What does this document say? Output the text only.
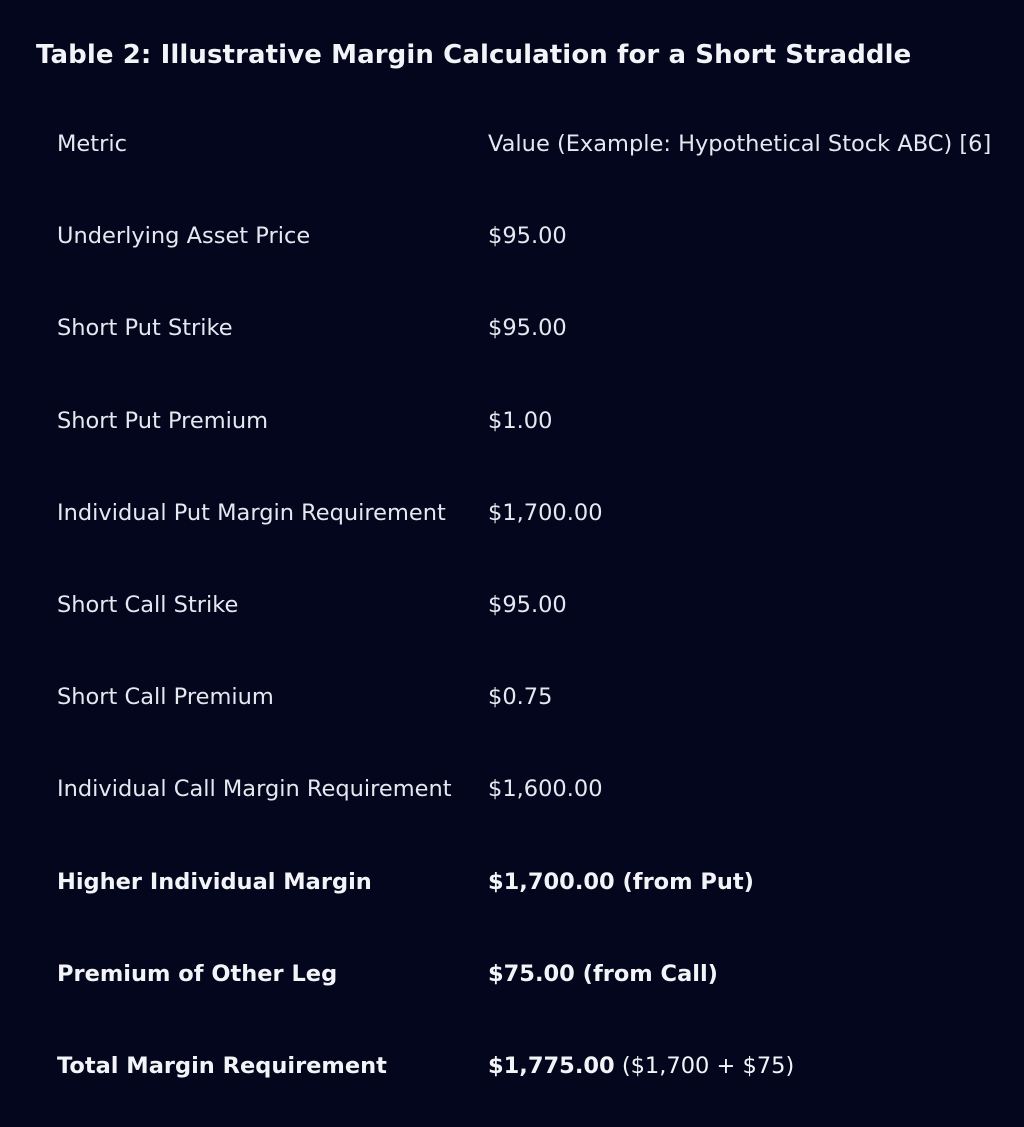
Table 2: Illustrative Margin Calculation for a Short Straddle
Metric	Value (Example: Hypothetical Stock ABC) [6]
Underlying Asset Price	$95.00
Short Put Strike	$95.00
Short Put Premium	$1.00
Individual Put Margin Requirement	$1,700.00
Short Call Strike	$95.00
Short Call Premium	$0.75
Individual Call Margin Requirement	$1,600.00
Higher Individual Margin	$1,700.00 (from Put)
Premium of Other Leg	$75.00 (from Call)
Total Margin Requirement	$1,775.00 ($1,700 + $75)
